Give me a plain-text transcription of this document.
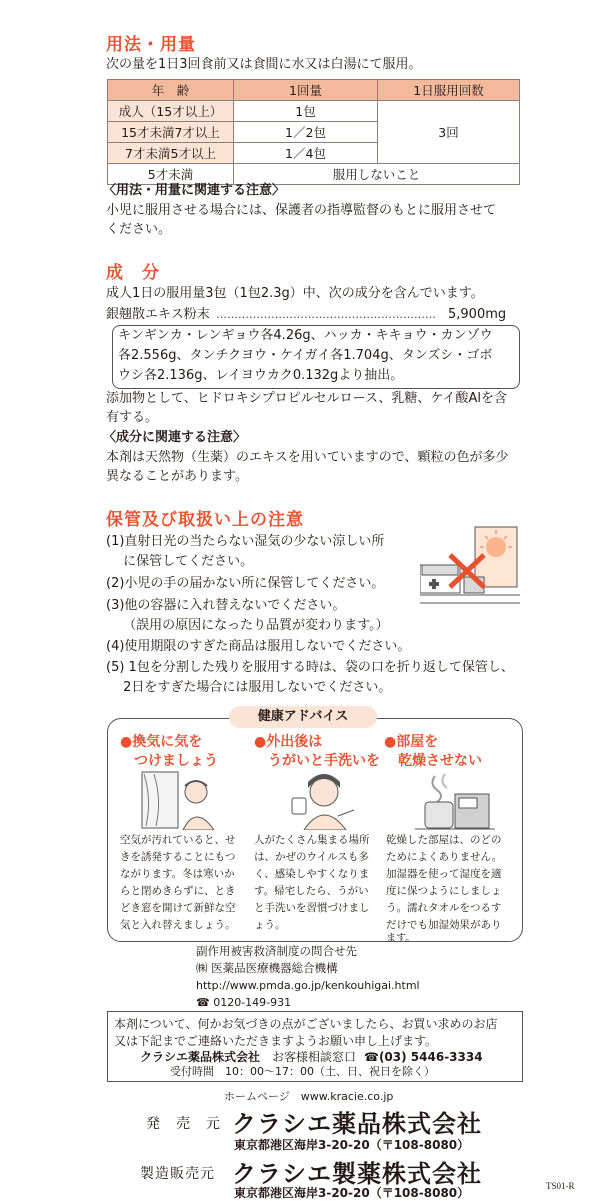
用法・用量
次の量を1日3回食前又は食間に水又は白湯にて服用。
年　齢	1回量	1日服用回数
成人（15才以上）	1包	3回
15才未満7才以上	1／2包	
7才未満5才以上	1／4包	
5才未満	服用しないこと	
〈用法・用量に関連する注意〉
小児に服用させる場合には、保護者の指導監督のもとに服用させて
ください。
成　分
成人1日の服用量3包（1包2.3g）中、次の成分を含んでいます。
銀翹散エキス粉末 …………………………………………………… 5,900mg
キンギンカ・レンギョウ各4.26g、ハッカ・キキョウ・カンゾウ
各2.556g、タンチクヨウ・ケイガイ各1.704g、タンズシ・ゴボ
ウシ各2.136g、レイヨウカク0.132gより抽出。
添加物として、ヒドロキシプロピルセルロース、乳糖、ケイ酸Alを含
有する。
〈成分に関連する注意〉
本剤は天然物（生薬）のエキスを用いていますので、顆粒の色が多少
異なることがあります。
保管及び取扱い上の注意
(1)直射日光の当たらない湿気の少ない涼しい所
　 に保管してください。
(2)小児の手の届かない所に保管してください。
(3)他の容器に入れ替えないでください。
　 （誤用の原因になったり品質が変わります。）
(4)使用期限のすぎた商品は服用しないでください。
(5) 1包を分割した残りを服用する時は、袋の口を折り返して保管し、
　 2日をすぎた場合には服用しないでください。
健康アドバイス
●換気に気を
　つけましょう
●外出後は
　うがいと手洗いを
●部屋を
　乾燥させない
空気が汚れていると、せ
きを誘発することにもつ
ながります。冬は寒いか
らと閉めきらずに、とき
どき窓を開けて新鮮な空
気と入れ替えましょう。
人がたくさん集まる場所
は、かぜのウイルスも多
く、感染しやすくなりま
す。帰宅したら、うがい
と手洗いを習慣づけまし
ょう。
乾燥した部屋は、のどの
ためによくありません。
加湿器を使って湿度を適
度に保つようにしましょ
う。濡れタオルをつるす
だけでも加湿効果があり
ます。
副作用被害救済制度の問合せ先
㈱ 医薬品医療機器総合機構
http://www.pmda.go.jp/kenkouhigai.html
☎ 0120-149-931
本剤について、何かお気づきの点がございましたら、お買い求めのお店
又は下記までご連絡いただきますようお願い申し上げます。
クラシエ薬品株式会社 お客様相談窓口 ☎(03) 5446-3334
受付時間　10：00～17：00（土、日、祝日を除く）
ホームページ　www.kracie.co.jp
発　売　元 クラシエ薬品株式会社
東京都港区海岸3-20-20（〒108-8080）
製造販売元 クラシエ製薬株式会社
東京都港区海岸3-20-20（〒108-8080）	TS01-R
